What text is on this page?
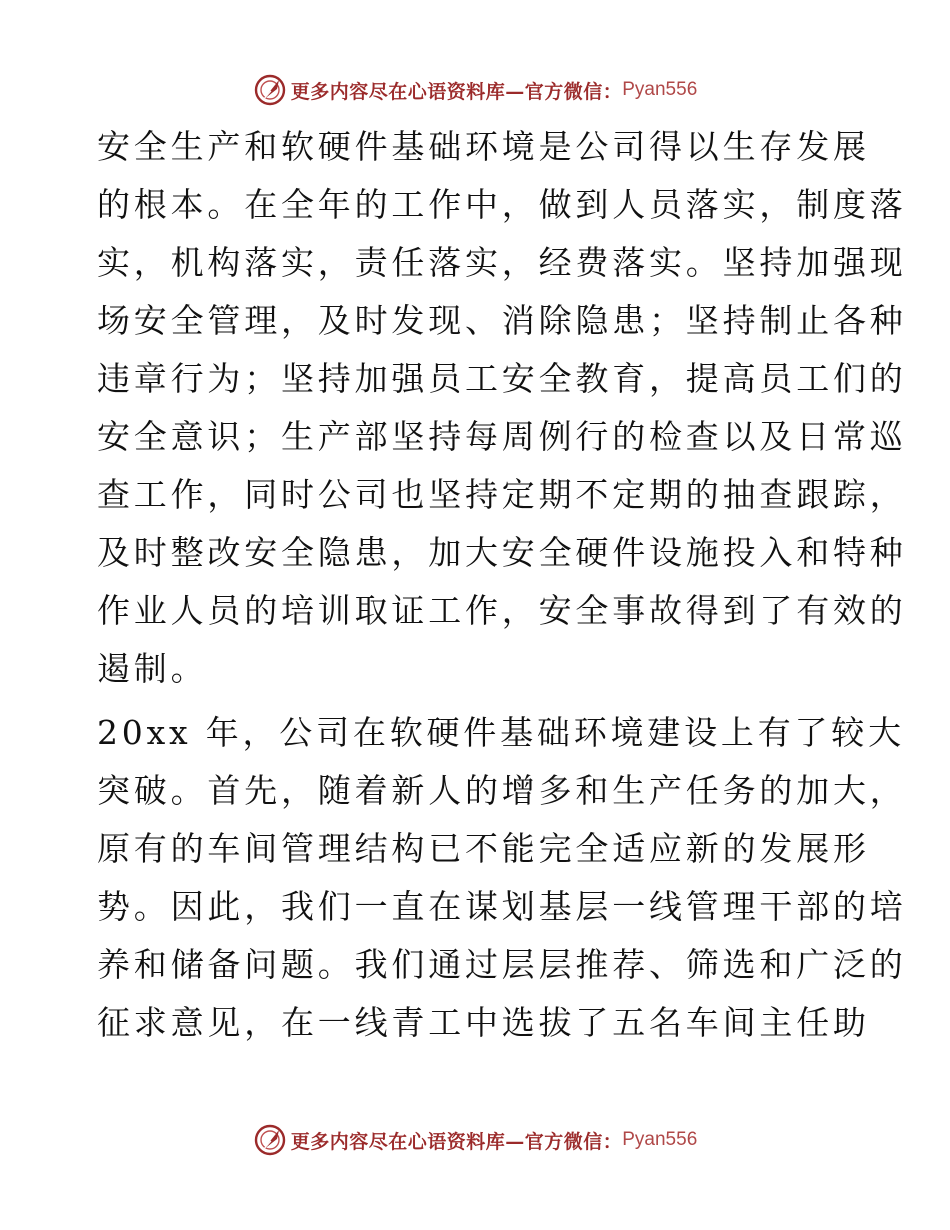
更多内容尽在心语资料库—官方微信： Pyan556
安全生产和软硬件基础环境是公司得以生存发展
的根本。在全年的工作中，做到人员落实，制度落
实，机构落实，责任落实，经费落实。坚持加强现
场安全管理，及时发现、消除隐患；坚持制止各种
违章行为；坚持加强员工安全教育，提高员工们的
安全意识；生产部坚持每周例行的检查以及日常巡
查工作，同时公司也坚持定期不定期的抽查跟踪，
及时整改安全隐患，加大安全硬件设施投入和特种
作业人员的培训取证工作，安全事故得到了有效的
遏制。
20xx 年，公司在软硬件基础环境建设上有了较大
突破。首先，随着新人的增多和生产任务的加大，
原有的车间管理结构已不能完全适应新的发展形
势。因此，我们一直在谋划基层一线管理干部的培
养和储备问题。我们通过层层推荐、筛选和广泛的
征求意见，在一线青工中选拔了五名车间主任助
更多内容尽在心语资料库—官方微信： Pyan556
